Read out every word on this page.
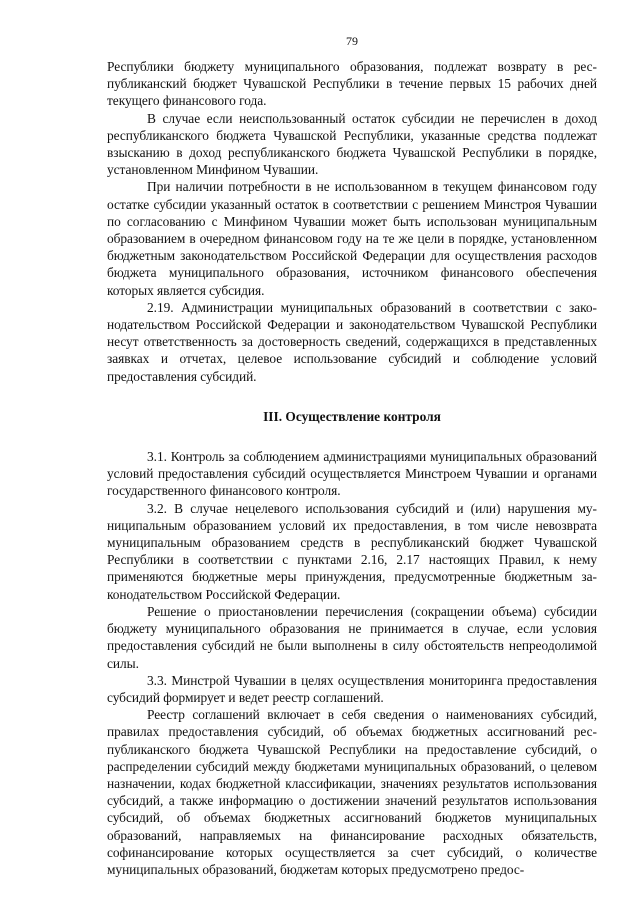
79

Республики бюджету муниципального образования, подлежат возврату в республиканский бюджет Чувашской Республики в течение первых 15 рабочих дней текущего финансового года.

В случае если неиспользованный остаток субсидии не перечислен в доход республиканского бюджета Чувашской Республики, указанные средства подлежат взысканию в доход республиканского бюджета Чувашской Республики в порядке, установленном Минфином Чувашии.

При наличии потребности в не использованном в текущем финансовом году остатке субсидии указанный остаток в соответствии с решением Минстроя Чувашии по согласованию с Минфином Чувашии может быть использован муниципальным образованием в очередном финансовом году на те же цели в порядке, установленном бюджетным законодательством Российской Федерации для осуществления расходов бюджета муниципального образования, источником финансового обеспечения которых является субсидия.

2.19. Администрации муниципальных образований в соответствии с законодательством Российской Федерации и законодательством Чувашской Республики несут ответственность за достоверность сведений, содержащихся в представленных заявках и отчетах, целевое использование субсидий и соблюдение условий предоставления субсидий.

III. Осуществление контроля

3.1. Контроль за соблюдением администрациями муниципальных образований условий предоставления субсидий осуществляется Минстроем Чувашии и органами государственного финансового контроля.

3.2. В случае нецелевого использования субсидий и (или) нарушения муниципальным образованием условий их предоставления, в том числе невозврата муниципальным образованием средств в республиканский бюджет Чувашской Республики в соответствии с пунктами 2.16, 2.17 настоящих Правил, к нему применяются бюджетные меры принуждения, предусмотренные бюджетным законодательством Российской Федерации.

Решение о приостановлении перечисления (сокращении объема) субсидии бюджету муниципального образования не принимается в случае, если условия предоставления субсидий не были выполнены в силу обстоятельств непреодолимой силы.

3.3. Минстрой Чувашии в целях осуществления мониторинга предоставления субсидий формирует и ведет реестр соглашений.

Реестр соглашений включает в себя сведения о наименованиях субсидий, правилах предоставления субсидий, об объемах бюджетных ассигнований республиканского бюджета Чувашской Республики на предоставление субсидий, о распределении субсидий между бюджетами муниципальных образований, о целевом назначении, кодах бюджетной классификации, значениях результатов использования субсидий, а также информацию о достижении значений результатов использования субсидий, об объемах бюджетных ассигнований бюджетов муниципальных образований, направляемых на финансирование расходных обязательств, софинансирование которых осуществляется за счет субсидий, о количестве муниципальных образований, бюджетам которых предусмотрено предос-
